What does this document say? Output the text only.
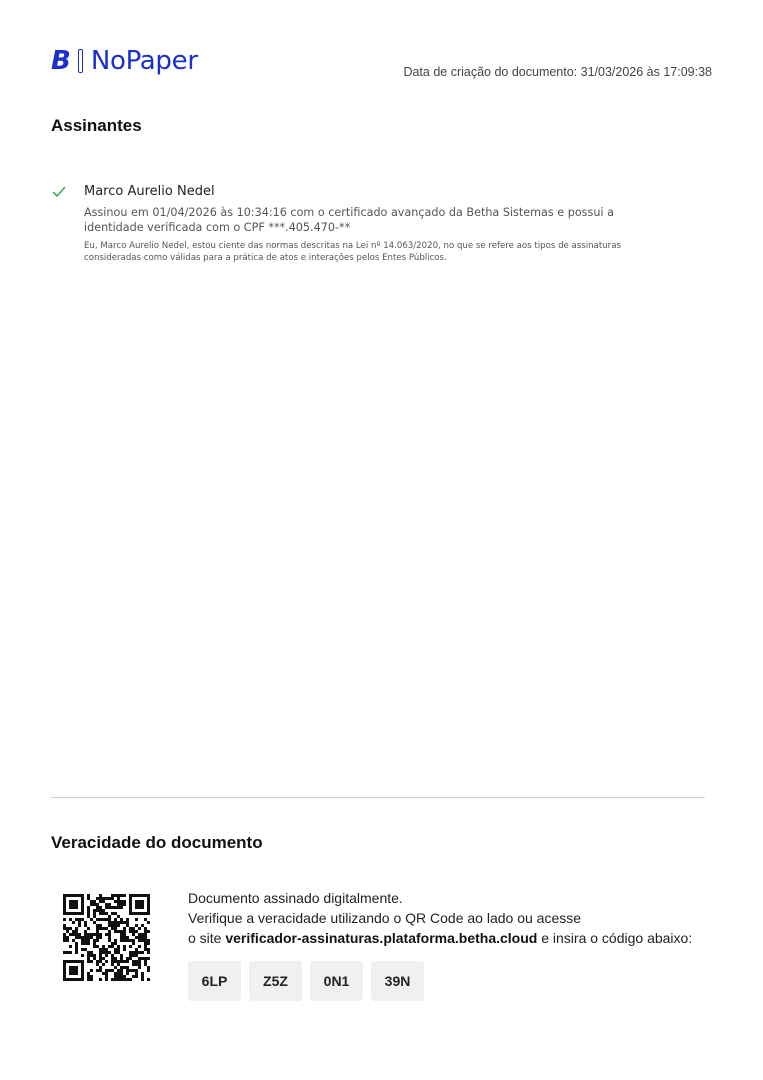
B NoPaper	Data de criação do documento: 31/03/2026 às 17:09:38
Assinantes
Marco Aurelio Nedel
Assinou em 01/04/2026 às 10:34:16 com o certificado avançado da Betha Sistemas e possui a identidade verificada com o CPF ***.405.470-**
Eu, Marco Aurelio Nedel, estou ciente das normas descritas na Lei nº 14.063/2020, no que se refere aos tipos de assinaturas consideradas como válidas para a prática de atos e interações pelos Entes Públicos.
Veracidade do documento

Documento assinado digitalmente.

Verifique a veracidade utilizando o QR Code ao lado ou acesse

o site verificador-assinaturas.plataforma.betha.cloud e insira o código abaixo:

6LP	Z5Z	0N1	39N
